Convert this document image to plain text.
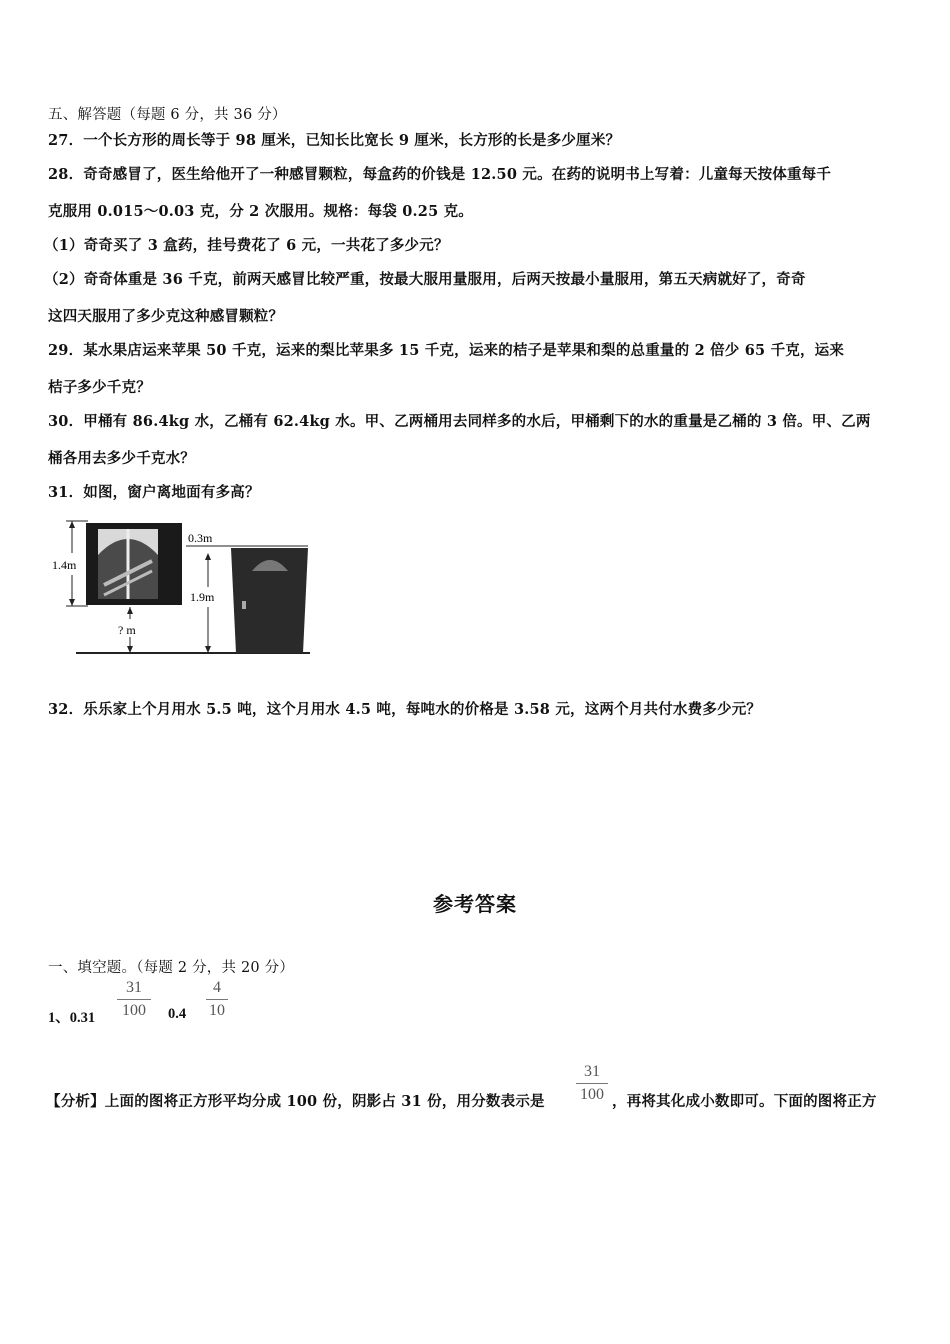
五、解答题（每题 6 分，共 36 分）
27．一个长方形的周长等于 98 厘米，已知长比宽长 9 厘米，长方形的长是多少厘米？
28．奇奇感冒了，医生给他开了一种感冒颗粒，每盒药的价钱是 12.50 元。在药的说明书上写着：儿童每天按体重每千
克服用 0.015～0.03 克，分 2 次服用。规格：每袋 0.25 克。
（1）奇奇买了 3 盒药，挂号费花了 6 元，一共花了多少元？
（2）奇奇体重是 36 千克，前两天感冒比较严重，按最大服用量服用，后两天按最小量服用，第五天病就好了，奇奇
这四天服用了多少克这种感冒颗粒？
29．某水果店运来苹果 50 千克，运来的梨比苹果多 15 千克，运来的桔子是苹果和梨的总重量的 2 倍少 65 千克，运来
桔子多少千克？
30．甲桶有 86.4kg 水，乙桶有 62.4kg 水。甲、乙两桶用去同样多的水后，甲桶剩下的水的重量是乙桶的 3 倍。甲、乙两
桶各用去多少千克水？
31．如图，窗户离地面有多高？
1.4m
? m
0.3m
1.9m
32．乐乐家上个月用水 5.5 吨，这个月用水 4.5 吨，每吨水的价格是 3.58 元，这两个月共付水费多少元？
参考答案
一、填空题。（每题 2 分，共 20 分）
1、0.31
31
100	0.4
4
10
【分析】上面的图将正方形平均分成 100 份，阴影占 31 份，用分数表示是
31
100 ，再将其化成小数即可。下面的图将正方
